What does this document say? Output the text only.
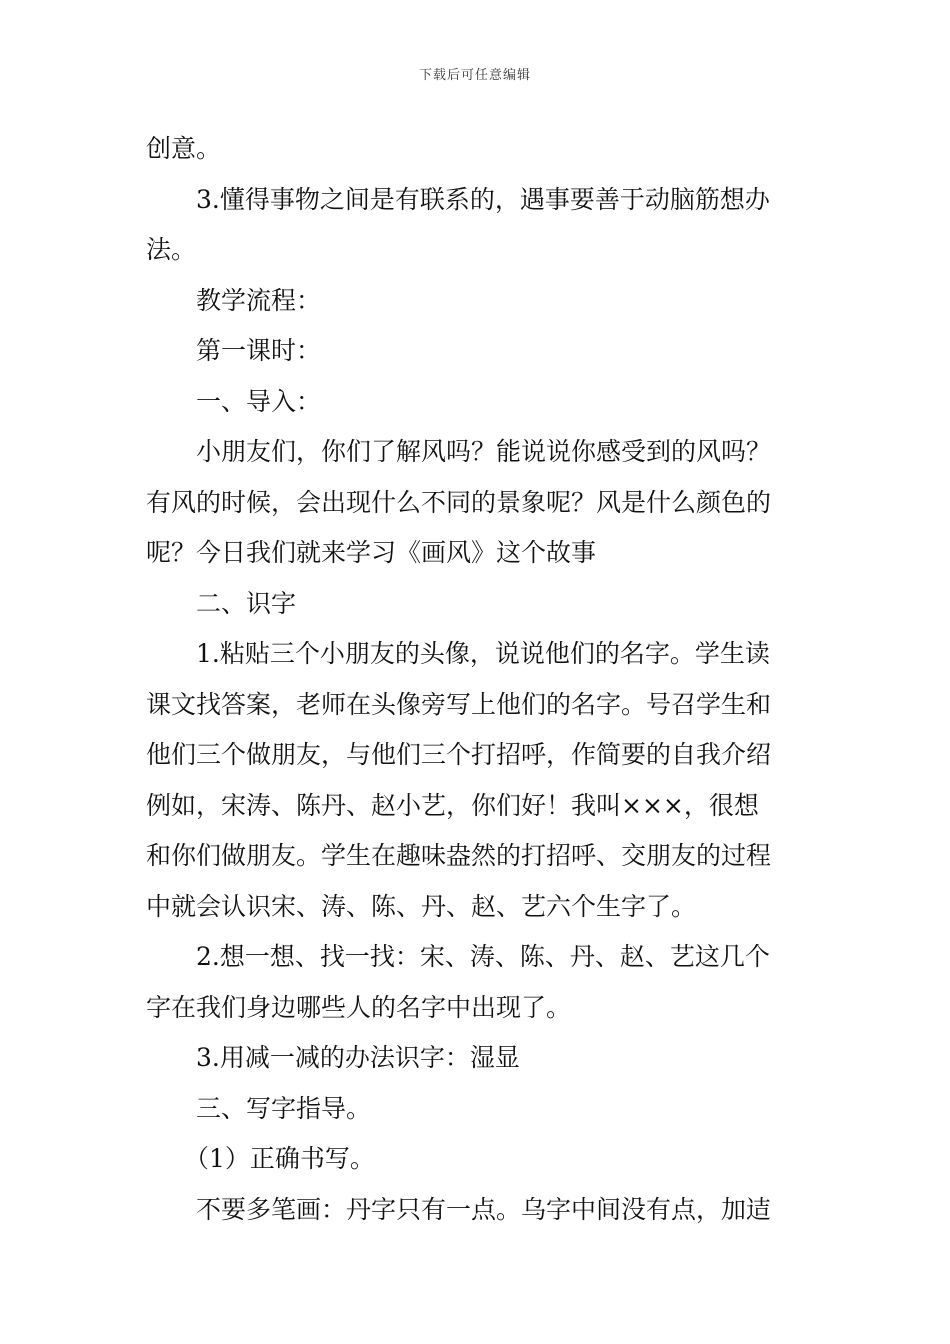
下载后可任意编辑
创意。
3.懂得事物之间是有联系的，遇事要善于动脑筋想办
法。
教学流程：
第一课时：
一、导入：
小朋友们，你们了解风吗？能说说你感受到的风吗？
有风的时候，会出现什么不同的景象呢？风是什么颜色的
呢？今日我们就来学习《画风》这个故事
二、识字
1.粘贴三个小朋友的头像，说说他们的名字。学生读
课文找答案，老师在头像旁写上他们的名字。号召学生和
他们三个做朋友，与他们三个打招呼，作简要的自我介绍
例如，宋涛、陈丹、赵小艺，你们好！我叫×××，很想
和你们做朋友。学生在趣味盎然的打招呼、交朋友的过程
中就会认识宋、涛、陈、丹、赵、艺六个生字了。
2.想一想、找一找：宋、涛、陈、丹、赵、艺这几个
字在我们身边哪些人的名字中出现了。
3.用减一减的办法识字：湿显
三、写字指导。
（1）正确书写。
不要多笔画：丹字只有一点。乌字中间没有点，加迼
